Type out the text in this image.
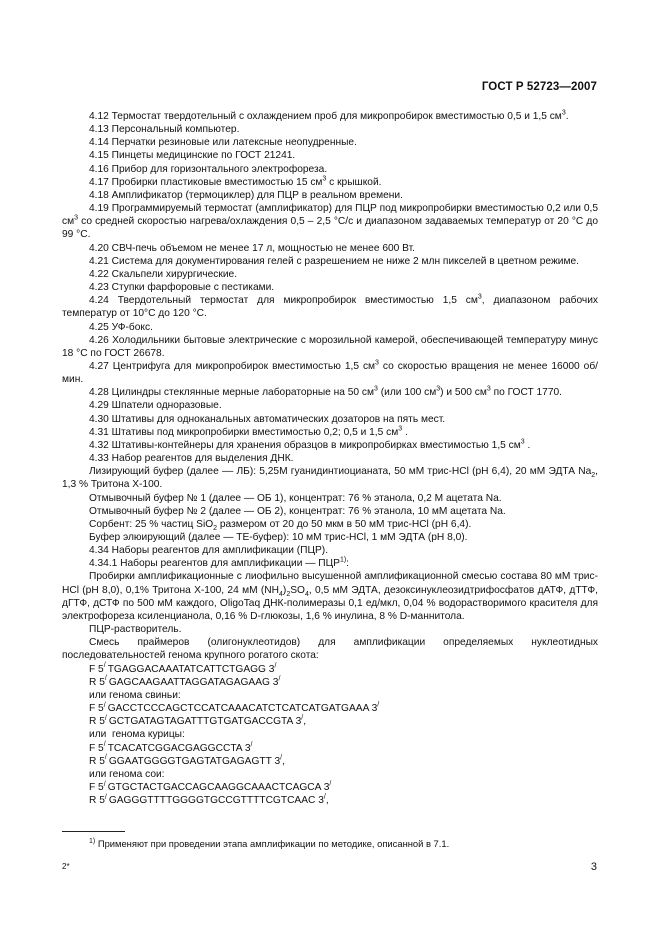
ГОСТ Р 52723—2007

4.12 Термостат твердотельный с охлаждением проб для микропробирок вместимостью 0,5 и 1,5 $см^3$.

4.13 Персональный компьютер.

4.14 Перчатки резиновые или латексные неопудренные.

4.15 Пинцеты медицинские по ГОСТ 21241.

4.16 Прибор для горизонтального электрофореза.

4.17 Пробирки пластиковые вместимостью 15 $см^3$ с крышкой.

4.18 Амплификатор (термоциклер) для ПЦР в реальном времени.

4.19 Программируемый термостат (амплификатор) для ПЦР под микропробирки вместимостью 0,2 или 0,5 $см^3$ со средней скоростью нагрева/охлаждения 0,5 – 2,5 °С/с и диапазоном задаваемых температур от 20 °С до 99 °С.

4.20 СВЧ-печь объемом не менее 17 л, мощностью не менее 600 Вт.

4.21 Система для документирования гелей с разрешением не ниже 2 млн пикселей в цветном режиме.

4.22 Скальпели хирургические.

4.23 Ступки фарфоровые с пестиками.

4.24 Твердотельный термостат для микропробирок вместимостью 1,5 $см^3$, диапазоном рабочих температур от 10°С до 120 °С.

4.25 УФ-бокс.

4.26 Холодильники бытовые электрические с морозильной камерой, обеспечивающей температуру минус 18 °С по ГОСТ 26678.

4.27 Центрифуга для микропробирок вместимостью 1,5 $см^3$ со скоростью вращения не менее 16000 об/мин.

4.28 Цилиндры стеклянные мерные лабораторные на 50 $см^3$ (или 100 $см^3$) и 500 $см^3$ по ГОСТ 1770.

4.29 Шпатели одноразовые.

4.30 Штативы для одноканальных автоматических дозаторов на пять мест.

4.31 Штативы под микропробирки вместимостью 0,2; 0,5 и 1,5 $см^3$ .

4.32 Штативы-контейнеры для хранения образцов в микропробирках вместимостью 1,5 $см^3$ .

4.33 Набор реагентов для выделения ДНК.

Лизирующий буфер (далее –– ЛБ): 5,25М гуанидинтиоцианата, 50 мМ трис-HCl (рН 6,4), 20 мМ ЭДТА $Na_2$, 1,3 % Тритона Х-100.

Отмывочный буфер № 1 (далее — ОБ 1), концентрат: 76 % этанола, 0,2 М ацетата Na.

Отмывочный буфер № 2 (далее — ОБ 2), концентрат: 76 % этанола, 10 мМ ацетата Na.

Сорбент: 25 % частиц SiO$_2$ размером от 20 до 50 мкм в 50 мМ трис-HCl (рН 6,4).

Буфер элюирующий (далее — ТЕ-буфер): 10 мМ трис-HCl, 1 мМ ЭДТА (рН 8,0).

4.34 Наборы реагентов для амплификации (ПЦР).

4.34.1 Наборы реагентов для амплификации — ПЦР$^{1)}$:

Пробирки амплификационные с лиофильно высушенной амплификационной смесью состава 80 мМ трис-HCl (рН 8,0), 0,1% Тритона Х-100, 24 мМ $(NH_4)_2SO_4$, 0,5 мМ ЭДТА, дезоксинуклеозидтрифосфатов дАТФ, дТТФ, дГТФ, дСТФ по 500 мМ каждого, OligoTaq ДНК-полимеразы 0,1 ед/мкл, 0,04 % водорастворимого красителя для электрофореза ксиленцианола, 0,16 % D-глюкозы, 1,6 % инулина, 8 % D-маннитола.

ПЦР-растворитель.

Смесь праймеров (олигонуклеотидов) для амплификации определяемых нуклеотидных последовательностей генома крупного рогатого скота:

F 5/ TGAGGACAAATATCATTCTGAGG 3/
R 5/ GAGCAAGAATTAGGATAGAGAAG 3/
или генома свиньи:
F 5/ GACCTCCCAGCTCCATCAAACATCTCATCATGATGAAA 3/
R 5/ GCTGATAGTAGATTTGTGATGACCGTA 3/,
или  генома курицы:
F 5/ TCACATCGGACGAGGCCTA 3/
R 5/ GGAATGGGGTGAGTATGAGAGTT 3/,
или генома сои:
F 5/ GTGCTACTGACCAGCAAGGCAAACTCAGCA 3/
R 5/ GAGGGTTTTGGGGTGCCGTTTTCGTCAAC 3/,
$^{1)}$ Применяют при проведении этапа амплификации по методике, описанной в 7.1.
2*	3
